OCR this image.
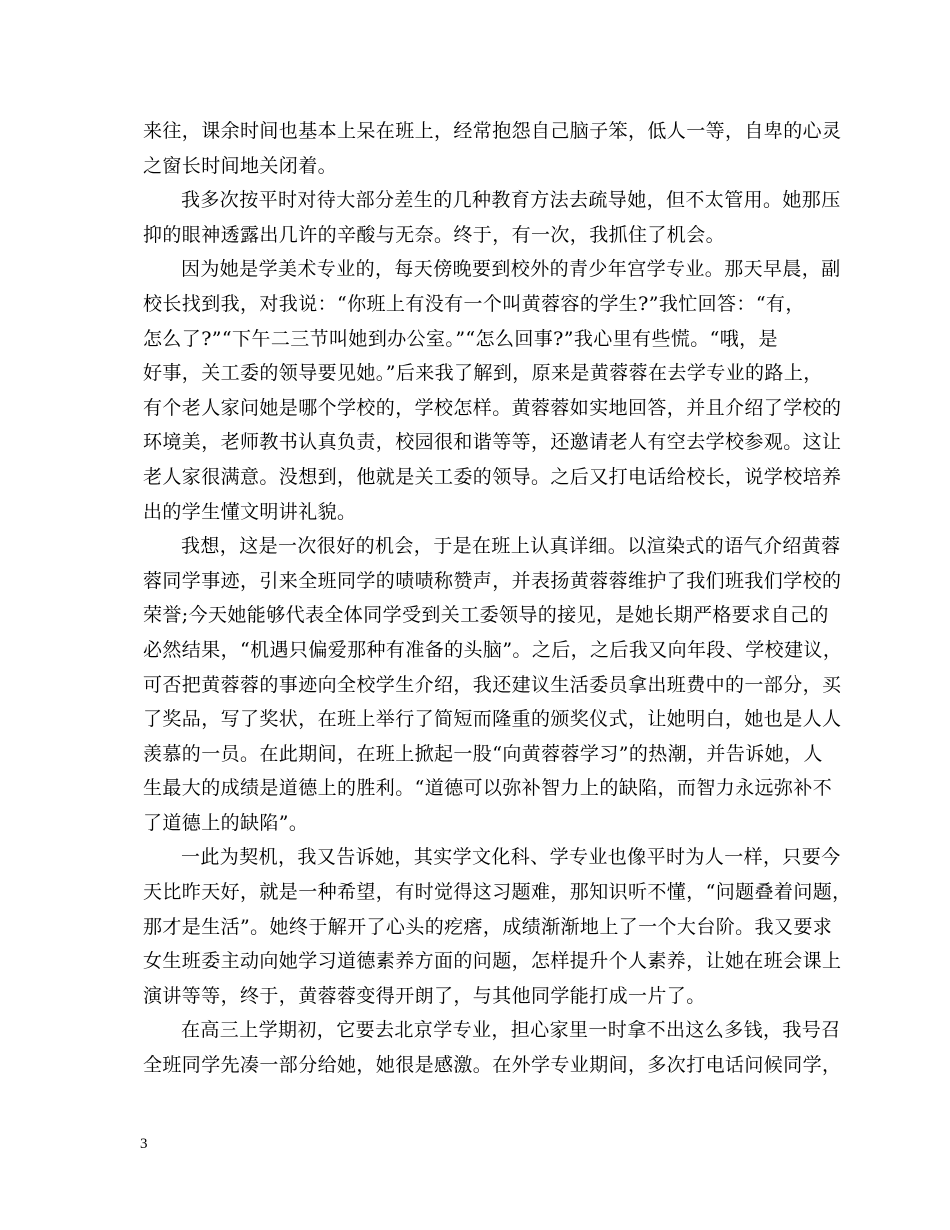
来往，课余时间也基本上呆在班上，经常抱怨自己脑子笨，低人一等，自卑的心灵
之窗长时间地关闭着。
我多次按平时对待大部分差生的几种教育方法去疏导她，但不太管用。她那压
抑的眼神透露出几许的辛酸与无奈。终于，有一次，我抓住了机会。
因为她是学美术专业的，每天傍晚要到校外的青少年宫学专业。那天早晨，副
校长找到我，对我说：“你班上有没有一个叫黄蓉容的学生?”我忙回答：“有，
怎么了?”“下午二三节叫她到办公室。”“怎么回事?”我心里有些慌。“哦，是
好事，关工委的领导要见她。”后来我了解到，原来是黄蓉蓉在去学专业的路上，
有个老人家问她是哪个学校的，学校怎样。黄蓉蓉如实地回答，并且介绍了学校的
环境美，老师教书认真负责，校园很和谐等等，还邀请老人有空去学校参观。这让
老人家很满意。没想到，他就是关工委的领导。之后又打电话给校长，说学校培养
出的学生懂文明讲礼貌。
我想，这是一次很好的机会，于是在班上认真详细。以渲染式的语气介绍黄蓉
蓉同学事迹，引来全班同学的啧啧称赞声，并表扬黄蓉蓉维护了我们班我们学校的
荣誉;今天她能够代表全体同学受到关工委领导的接见，是她长期严格要求自己的
必然结果，“机遇只偏爱那种有准备的头脑”。之后，之后我又向年段、学校建议，
可否把黄蓉蓉的事迹向全校学生介绍，我还建议生活委员拿出班费中的一部分，买
了奖品，写了奖状，在班上举行了简短而隆重的颁奖仪式，让她明白，她也是人人
羡慕的一员。在此期间，在班上掀起一股“向黄蓉蓉学习”的热潮，并告诉她，人
生最大的成绩是道德上的胜利。“道德可以弥补智力上的缺陷，而智力永远弥补不
了道德上的缺陷”。
一此为契机，我又告诉她，其实学文化科、学专业也像平时为人一样，只要今
天比昨天好，就是一种希望，有时觉得这习题难，那知识听不懂，“问题叠着问题，
那才是生活”。她终于解开了心头的疙瘩，成绩渐渐地上了一个大台阶。我又要求
女生班委主动向她学习道德素养方面的问题，怎样提升个人素养，让她在班会课上
演讲等等，终于，黄蓉蓉变得开朗了，与其他同学能打成一片了。
在高三上学期初，它要去北京学专业，担心家里一时拿不出这么多钱，我号召
全班同学先凑一部分给她，她很是感激。在外学专业期间，多次打电话问候同学，
3
